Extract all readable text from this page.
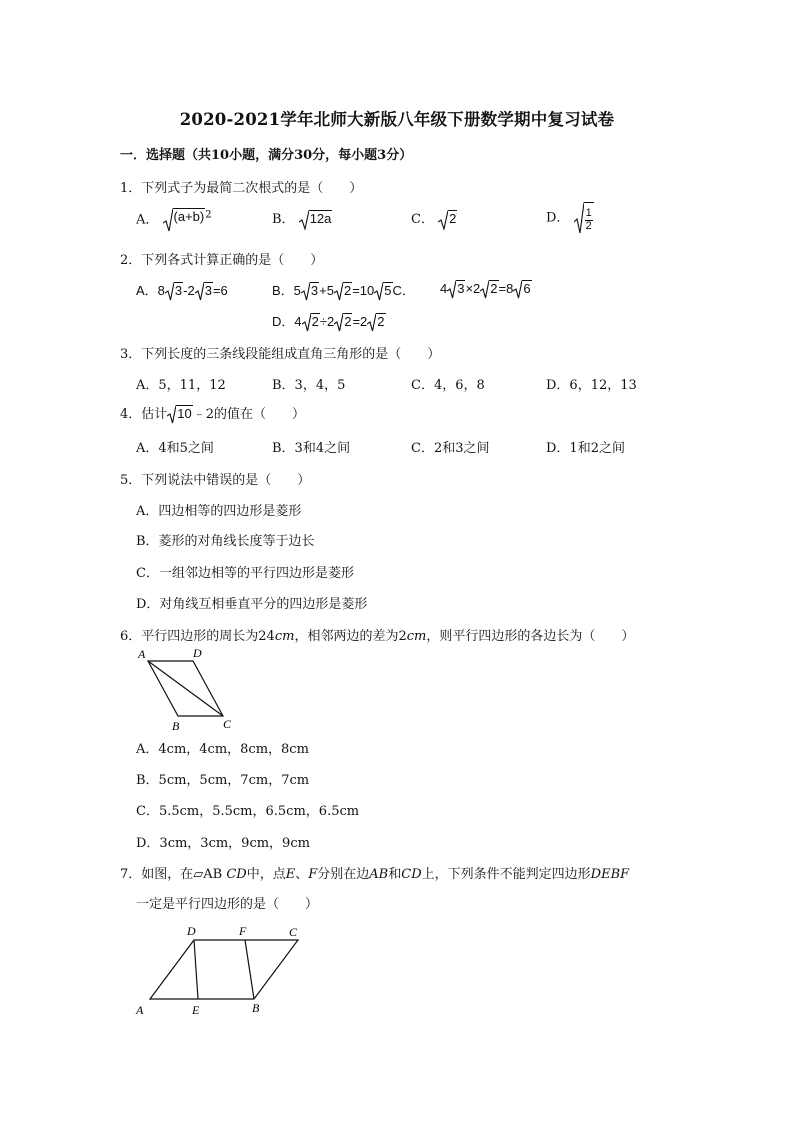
2020-2021学年北师大新版八年级下册数学期中复习试卷
一．选择题（共10小题，满分30分，每小题3分）
1．下列式子为最简二次根式的是（　　）
A． (a+b) $^2$	B． 12a	C． 2	D． $\frac{1}{2}$
2．下列各式计算正确的是（　　）
A．8 3 -2 3 =6	B．5 3 +5 2 =10 5 C． 4 3 ×2 2 =8 6
D．4 2 ÷2 2 =2 2
3．下列长度的三条线段能组成直角三角形的是（　　）
A．5，11，12	B．3，4，5	C．4，6，8	D．6，12，13
4．估计 10 ﹣2的值在（　　）
A．4和5之间	B．3和4之间	C．2和3之间	D．1和2之间
5．下列说法中错误的是（　　）
A．四边相等的四边形是菱形
B．菱形的对角线长度等于边长
C．一组邻边相等的平行四边形是菱形
D．对角线互相垂直平分的四边形是菱形
6．平行四边形的周长为24cm，相邻两边的差为2cm，则平行四边形的各边长为（　　）
A	D
B	C
A．4cm，4cm，8cm，8cm
B．5cm，5cm，7cm，7cm
C．5.5cm，5.5cm，6.5cm，6.5cm
D．3cm，3cm，9cm，9cm
7．如图，在▱AB CD中，点E、F分别在边AB和CD上，下列条件不能判定四边形DEBF
一定是平行四边形的是（　　）
A
D	F	C
E	B
